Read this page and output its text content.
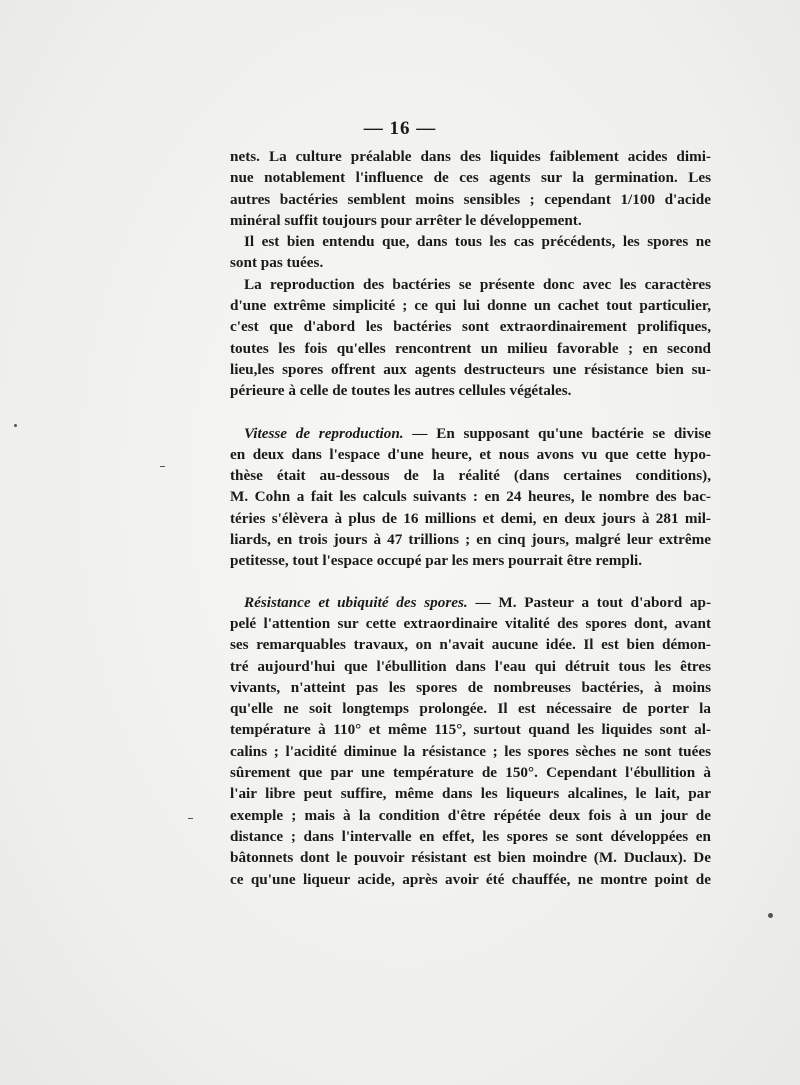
— 16 —
nets. La culture préalable dans des liquides faiblement acides dimi-
nue notablement l'influence de ces agents sur la germination. Les
autres bactéries semblent moins sensibles ; cependant 1/100 d'acide
minéral suffit toujours pour arrêter le développement.
Il est bien entendu que, dans tous les cas précédents, les spores ne
sont pas tuées.
La reproduction des bactéries se présente donc avec les caractères
d'une extrême simplicité ; ce qui lui donne un cachet tout particulier,
c'est que d'abord les bactéries sont extraordinairement prolifiques,
toutes les fois qu'elles rencontrent un milieu favorable ; en second
lieu,les spores offrent aux agents destructeurs une résistance bien su-
périeure à celle de toutes les autres cellules végétales.
Vitesse de reproduction. — En supposant qu'une bactérie se divise
en deux dans l'espace d'une heure, et nous avons vu que cette hypo-
thèse était au-dessous de la réalité (dans certaines conditions),
M. Cohn a fait les calculs suivants : en 24 heures, le nombre des bac-
téries s'élèvera à plus de 16 millions et demi, en deux jours à 281 mil-
liards, en trois jours à 47 trillions ; en cinq jours, malgré leur extrême
petitesse, tout l'espace occupé par les mers pourrait être rempli.
Résistance et ubiquité des spores. — M. Pasteur a tout d'abord ap-
pelé l'attention sur cette extraordinaire vitalité des spores dont, avant
ses remarquables travaux, on n'avait aucune idée. Il est bien démon-
tré aujourd'hui que l'ébullition dans l'eau qui détruit tous les êtres
vivants, n'atteint pas les spores de nombreuses bactéries, à moins
qu'elle ne soit longtemps prolongée. Il est nécessaire de porter la
température à 110° et même 115°, surtout quand les liquides sont al-
calins ; l'acidité diminue la résistance ; les spores sèches ne sont tuées
sûrement que par une température de 150°. Cependant l'ébullition à
l'air libre peut suffire, même dans les liqueurs alcalines, le lait, par
exemple ; mais à la condition d'être répétée deux fois à un jour de
distance ; dans l'intervalle en effet, les spores se sont développées en
bâtonnets dont le pouvoir résistant est bien moindre (M. Duclaux). De
ce qu'une liqueur acide, après avoir été chauffée, ne montre point de
